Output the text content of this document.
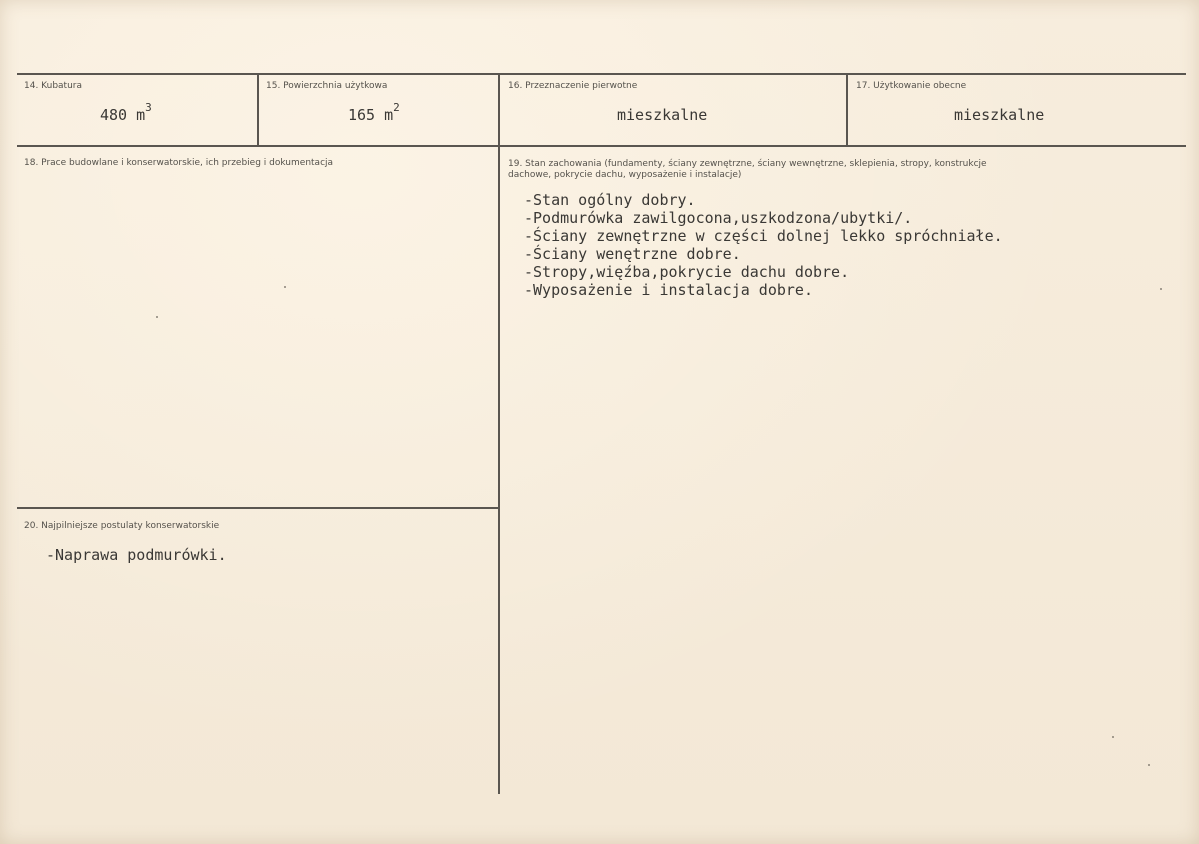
14. Kubatura
480 $m^3$
15. Powierzchnia użytkowa
165 $m^2$
16. Przeznaczenie pierwotne
mieszkalne
17. Użytkowanie obecne
mieszkalne
18. Prace budowlane i konserwatorskie, ich przebieg i dokumentacja	19. Stan zachowania (fundamenty, ściany zewnętrzne, ściany wewnętrzne, sklepienia, stropy, konstrukcje dachowe, pokrycie dachu, wyposażenie i instalacje)
-Stan ogólny dobry.
-Podmurówka zawilgocona,uszkodzona/ubytki/.
-Ściany zewnętrzne w części dolnej lekko spróchniałe.
-Ściany wenętrzne dobre.
-Stropy,więźba,pokrycie dachu dobre.
-Wyposażenie i instalacja dobre.
20. Najpilniejsze postulaty konserwatorskie
-Naprawa podmurówki.
